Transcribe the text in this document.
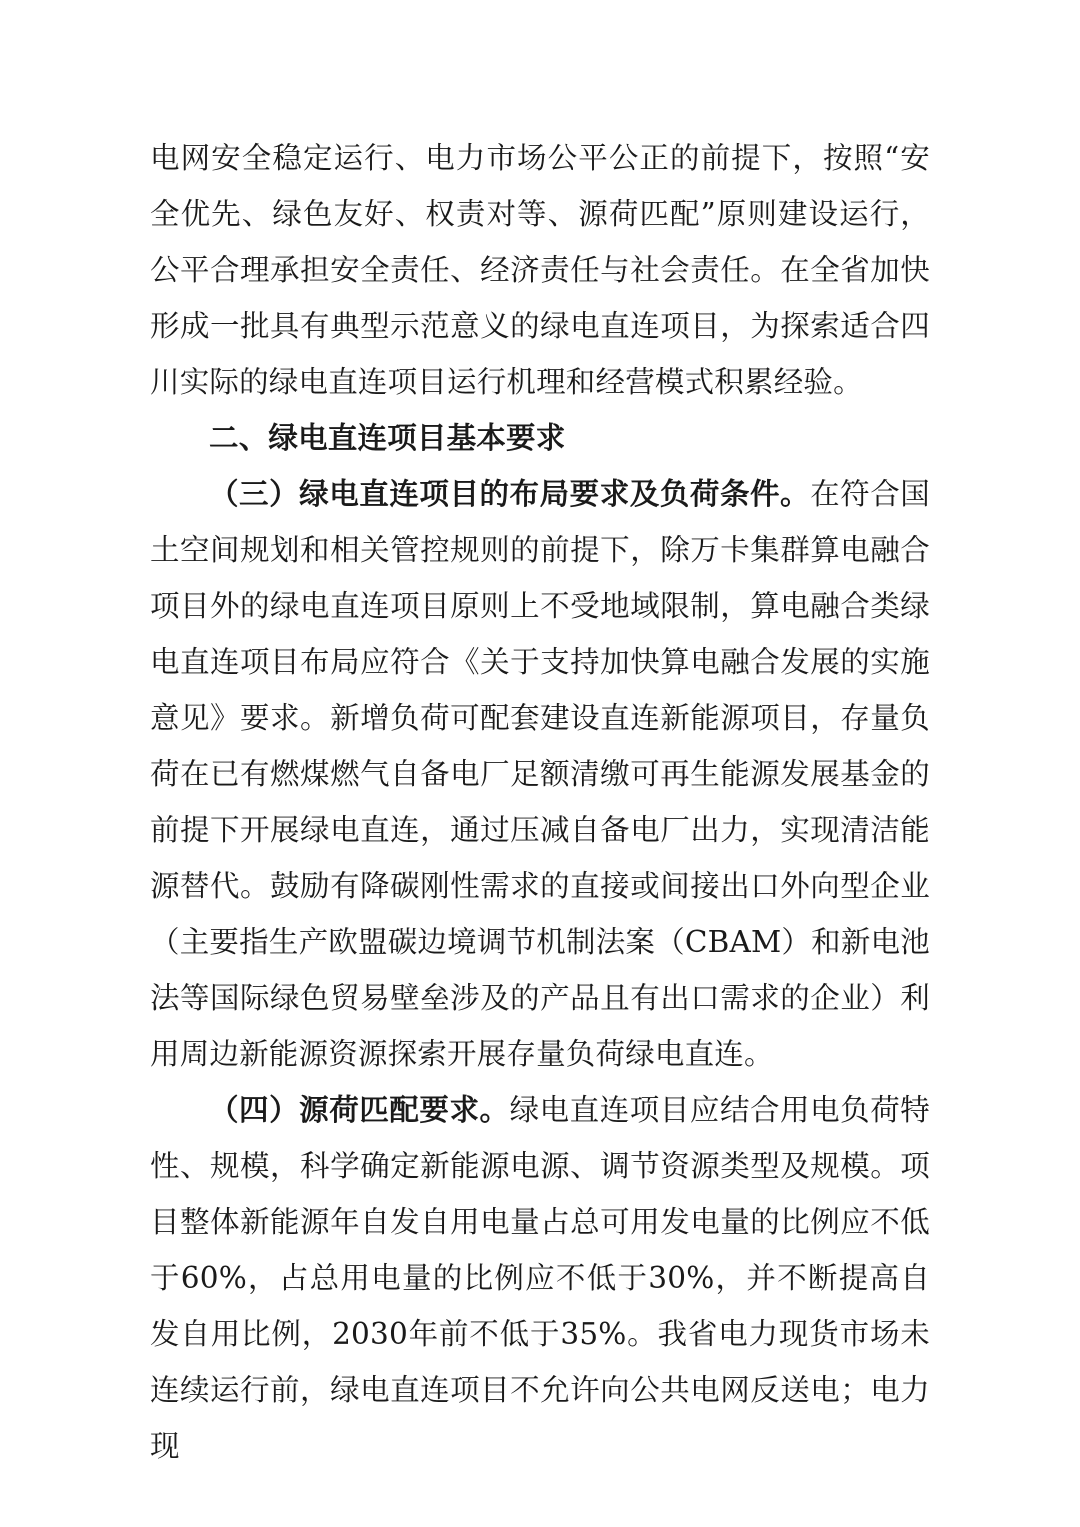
电网安全稳定运行、电力市场公平公正的前提下，按照“安全优先、绿色友好、权责对等、源荷匹配”原则建设运行，公平合理承担安全责任、经济责任与社会责任。在全省加快形成一批具有典型示范意义的绿电直连项目，为探索适合四川实际的绿电直连项目运行机理和经营模式积累经验。

二、绿电直连项目基本要求

（三）绿电直连项目的布局要求及负荷条件。在符合国土空间规划和相关管控规则的前提下，除万卡集群算电融合项目外的绿电直连项目原则上不受地域限制，算电融合类绿电直连项目布局应符合《关于支持加快算电融合发展的实施意见》要求。新增负荷可配套建设直连新能源项目，存量负荷在已有燃煤燃气自备电厂足额清缴可再生能源发展基金的前提下开展绿电直连，通过压减自备电厂出力，实现清洁能源替代。鼓励有降碳刚性需求的直接或间接出口外向型企业（主要指生产欧盟碳边境调节机制法案（CBAM）和新电池法等国际绿色贸易壁垒涉及的产品且有出口需求的企业）利用周边新能源资源探索开展存量负荷绿电直连。

（四）源荷匹配要求。绿电直连项目应结合用电负荷特性、规模，科学确定新能源电源、调节资源类型及规模。项目整体新能源年自发自用电量占总可用发电量的比例应不低于60%，占总用电量的比例应不低于30%，并不断提高自发自用比例，2030年前不低于35%。我省电力现货市场未连续运行前，绿电直连项目不允许向公共电网反送电；电力现
